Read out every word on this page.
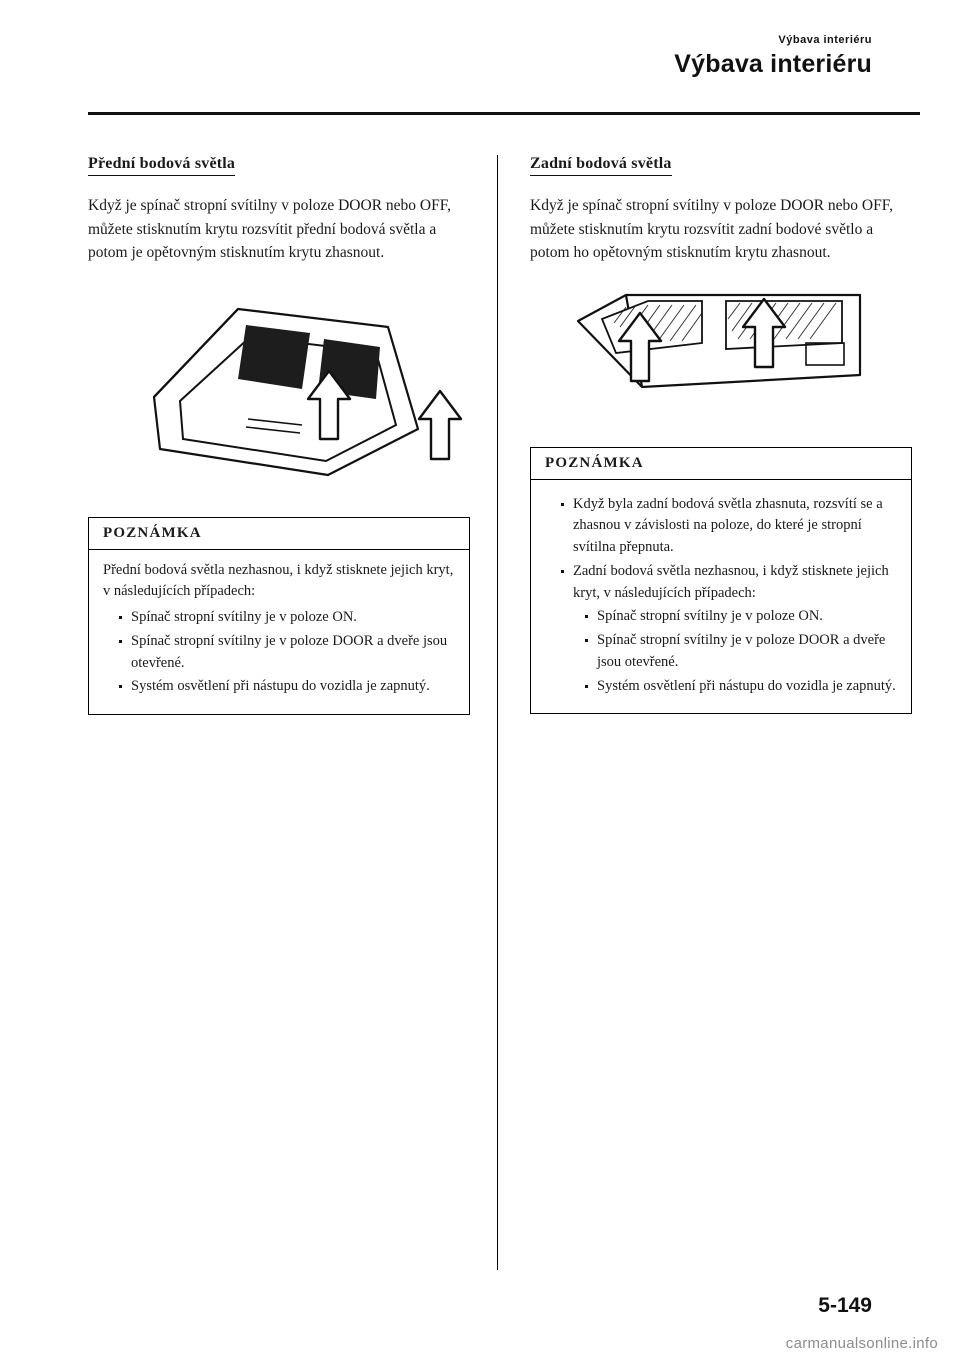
Výbava interiéru

Výbava interiéru

Přední bodová světla

Když je spínač stropní svítilny v poloze DOOR nebo OFF, můžete stisknutím krytu rozsvítit přední bodová světla a potom je opětovným stisknutím krytu zhasnout.

POZNÁMKA

Přední bodová světla nezhasnou, i když stisknete jejich kryt, v následujících případech:

Spínač stropní svítilny je v poloze ON.
Spínač stropní svítilny je v poloze DOOR a dveře jsou otevřené.
Systém osvětlení při nástupu do vozidla je zapnutý.
Zadní bodová světla

Když je spínač stropní svítilny v poloze DOOR nebo OFF, můžete stisknutím krytu rozsvítit zadní bodové světlo a potom ho opětovným stisknutím krytu zhasnout.

POZNÁMKA
Když byla zadní bodová světla zhasnuta, rozsvítí se a zhasnou v závislosti na poloze, do které je stropní svítilna přepnuta.
Zadní bodová světla nezhasnou, i když stisknete jejich kryt, v následujících případech:
Spínač stropní svítilny je v poloze ON.
Spínač stropní svítilny je v poloze DOOR a dveře jsou otevřené.
Systém osvětlení při nástupu do vozidla je zapnutý.
5-149
carmanualsonline.info
